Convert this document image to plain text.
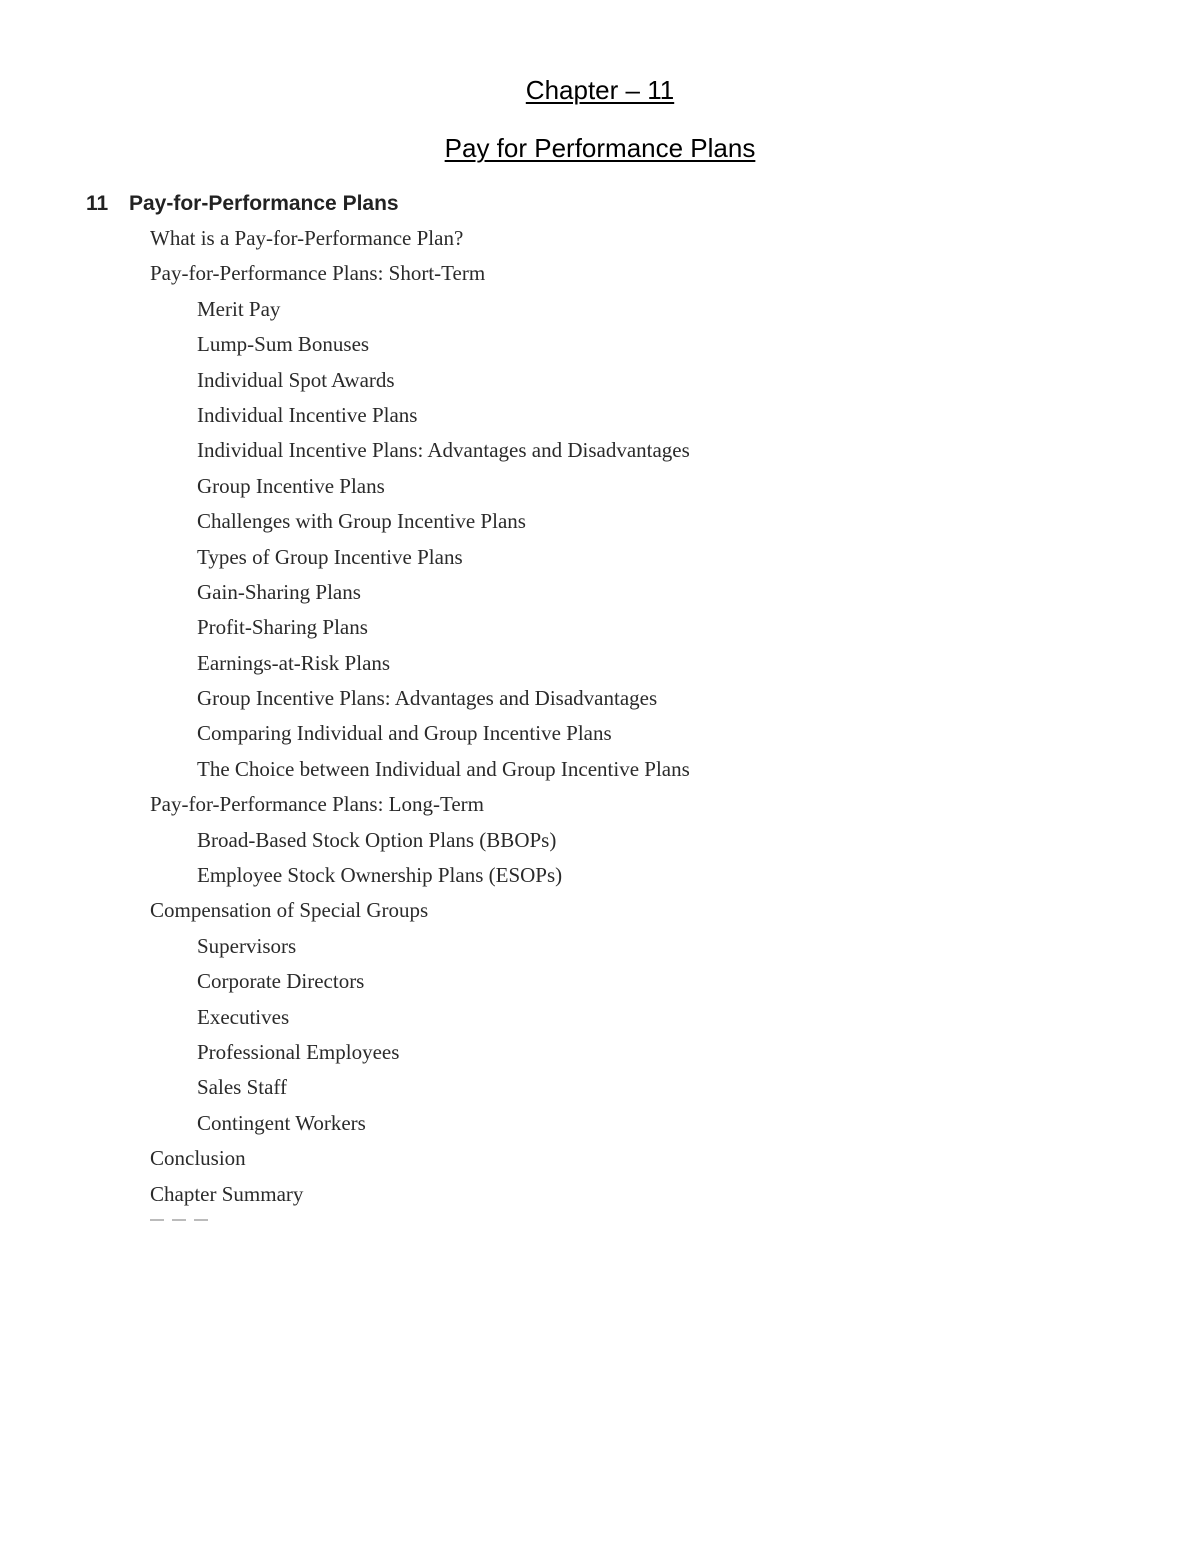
Chapter – 11
Pay for Performance Plans
11 Pay-for-Performance Plans
What is a Pay-for-Performance Plan?
Pay-for-Performance Plans: Short-Term
Merit Pay
Lump-Sum Bonuses
Individual Spot Awards
Individual Incentive Plans
Individual Incentive Plans: Advantages and Disadvantages
Group Incentive Plans
Challenges with Group Incentive Plans
Types of Group Incentive Plans
Gain-Sharing Plans
Profit-Sharing Plans
Earnings-at-Risk Plans
Group Incentive Plans: Advantages and Disadvantages
Comparing Individual and Group Incentive Plans
The Choice between Individual and Group Incentive Plans
Pay-for-Performance Plans: Long-Term
Broad-Based Stock Option Plans (BBOPs)
Employee Stock Ownership Plans (ESOPs)
Compensation of Special Groups
Supervisors
Corporate Directors
Executives
Professional Employees
Sales Staff
Contingent Workers
Conclusion
Chapter Summary
